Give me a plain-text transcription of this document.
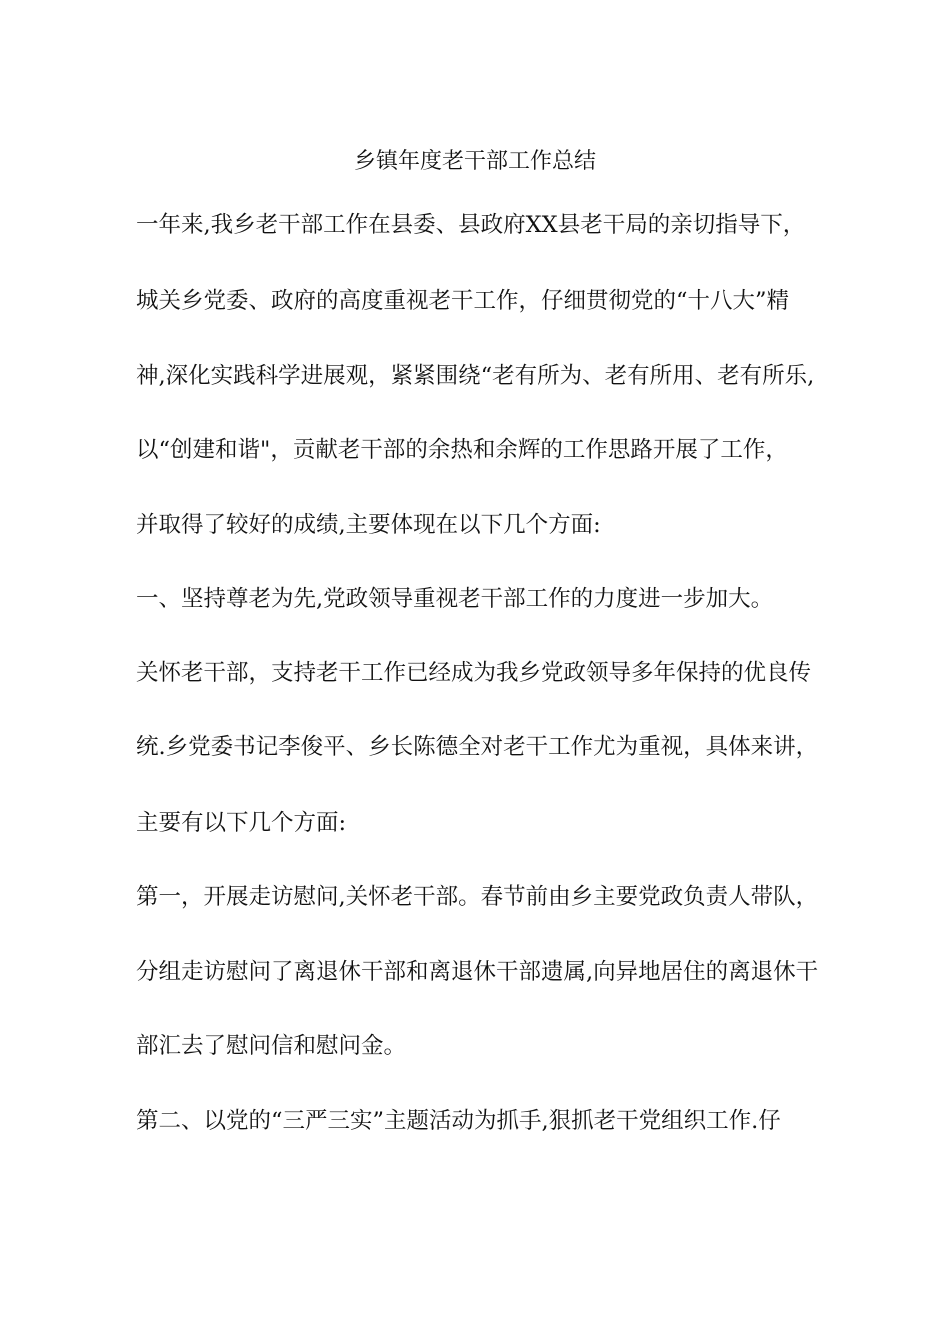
乡镇年度老干部工作总结
一年来,我乡老干部工作在县委、县政府XX县老干局的亲切指导下，
城关乡党委、政府的高度重视老干工作，仔细贯彻党的“十八大”精
神,深化实践科学进展观，紧紧围绕“老有所为、老有所用、老有所乐,
以“创建和谐"，贡献老干部的余热和余辉的工作思路开展了工作，
并取得了较好的成绩,主要体现在以下几个方面:
一、坚持尊老为先,党政领导重视老干部工作的力度进一步加大。
关怀老干部，支持老干工作已经成为我乡党政领导多年保持的优良传
统.乡党委书记李俊平、乡长陈德全对老干工作尤为重视，具体来讲，
主要有以下几个方面:
第一，开展走访慰问,关怀老干部。春节前由乡主要党政负责人带队，
分组走访慰问了离退休干部和离退休干部遗属,向异地居住的离退休干
部汇去了慰问信和慰问金。
第二、以党的“三严三实”主题活动为抓手,狠抓老干党组织工作.仔
